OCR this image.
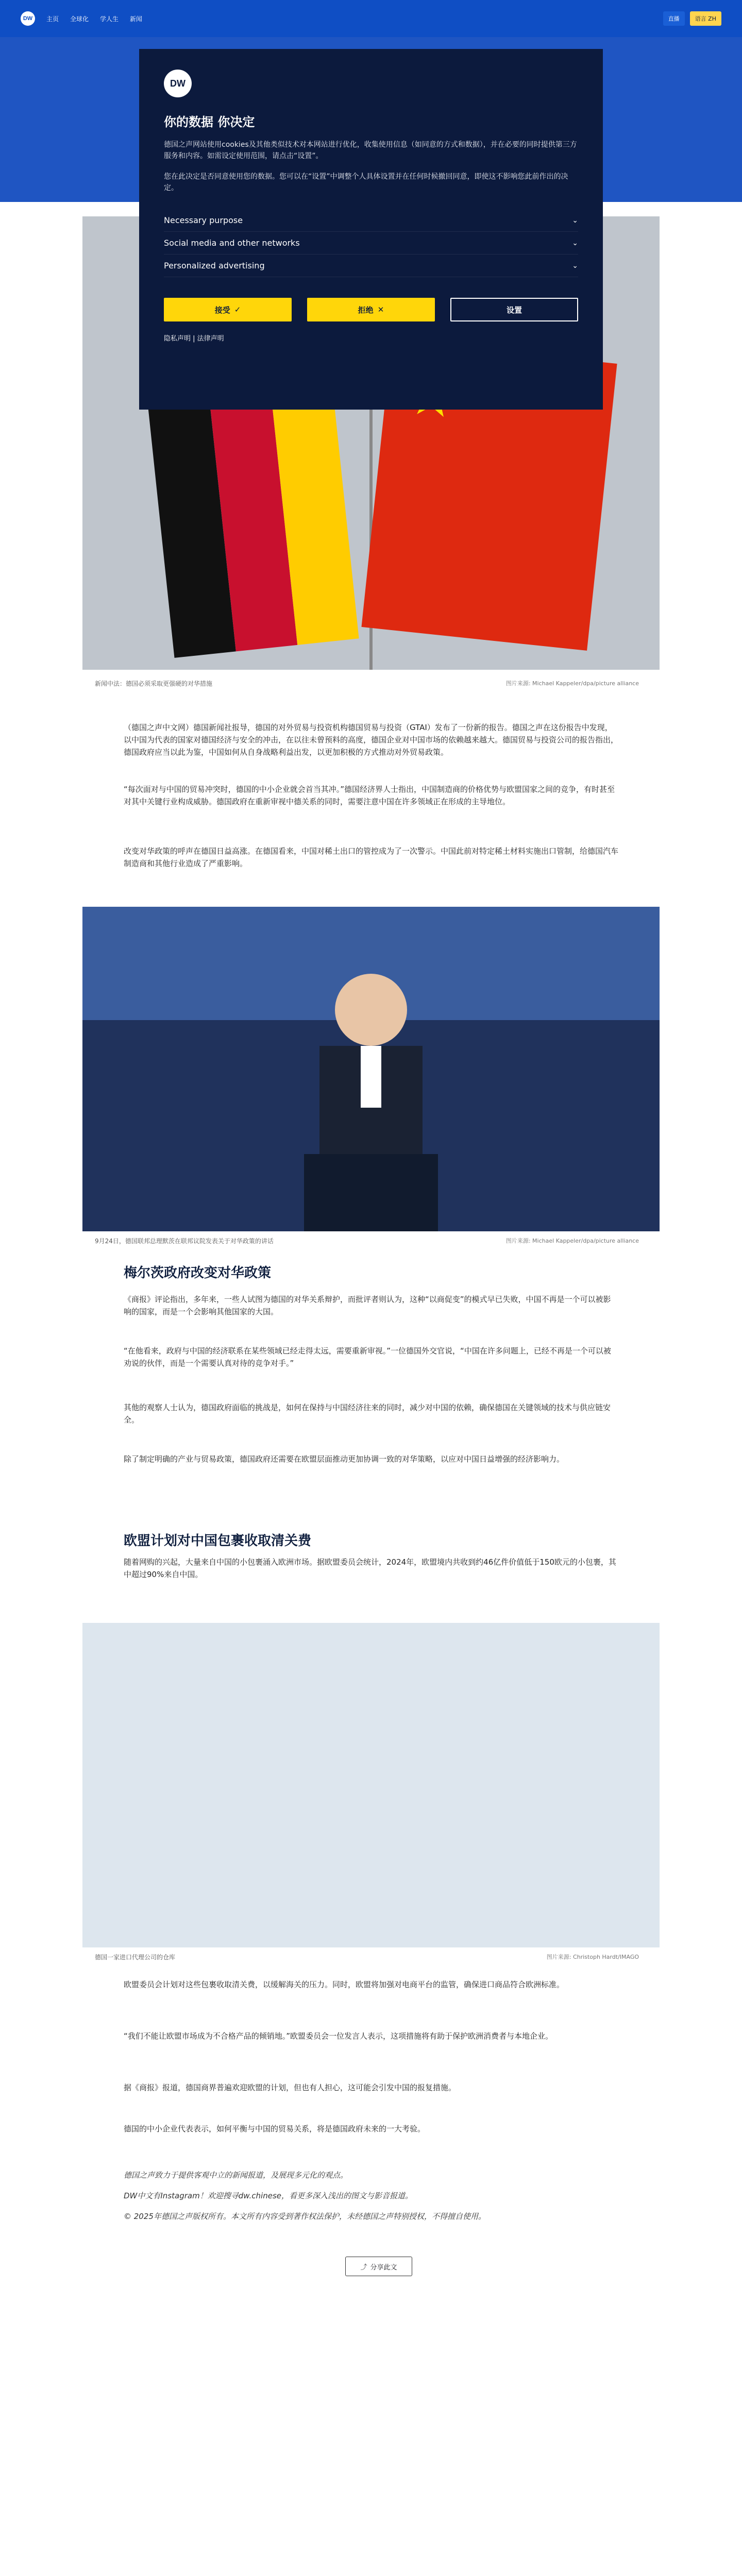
DW	主页 全球化 学人生 新闻	直播	语言 ZH
新闻中法：德国必须采取更强硬的对华措施	图片来源: Michael Kappeler/dpa/picture alliance
（德国之声中文网）德国新闻社报导，德国的对外贸易与投资机构德国贸易与投资（GTAI）发布了一份新的报告。德国之声在这份报告中发现，以中国为代表的国家对德国经济与安全的冲击，在以往未曾预料的高度，德国企业对中国市场的依赖越来越大。德国贸易与投资公司的报告指出，德国政府应当以此为鉴，中国如何从自身战略利益出发，以更加积极的方式推动对外贸易政策。
“每次面对与中国的贸易冲突时，德国的中小企业就会首当其冲。”德国经济界人士指出，中国制造商的价格优势与欧盟国家之间的竞争，有时甚至对其中关键行业构成威胁。德国政府在重新审视中德关系的同时，需要注意中国在许多领域正在形成的主导地位。
改变对华政策的呼声在德国日益高涨。在德国看来，中国对稀土出口的管控成为了一次警示。中国此前对特定稀土材料实施出口管制，给德国汽车制造商和其他行业造成了严重影响。
9月24日，德国联邦总理默茨在联邦议院发表关于对华政策的讲话	图片来源: Michael Kappeler/dpa/picture alliance
梅尔茨政府改变对华政策
《商报》评论指出，多年来，一些人试图为德国的对华关系辩护，而批评者则认为，这种“以商促变”的模式早已失败，中国不再是一个可以被影响的国家，而是一个会影响其他国家的大国。
“在他看来，政府与中国的经济联系在某些领域已经走得太远，需要重新审视。”一位德国外交官说，“中国在许多问题上，已经不再是一个可以被劝说的伙伴，而是一个需要认真对待的竞争对手。”
其他的观察人士认为，德国政府面临的挑战是，如何在保持与中国经济往来的同时，减少对中国的依赖，确保德国在关键领域的技术与供应链安全。
除了制定明确的产业与贸易政策，德国政府还需要在欧盟层面推动更加协调一致的对华策略，以应对中国日益增强的经济影响力。
欧盟计划对中国包裹收取清关费
随着网购的兴起，大量来自中国的小包裹涌入欧洲市场。据欧盟委员会统计，2024年，欧盟境内共收到约46亿件价值低于150欧元的小包裹，其中超过90%来自中国。
德国一家进口代理公司的仓库	图片来源: Christoph Hardt/IMAGO
欧盟委员会计划对这些包裹收取清关费，以缓解海关的压力。同时，欧盟将加强对电商平台的监管，确保进口商品符合欧洲标准。
“我们不能让欧盟市场成为不合格产品的倾销地。”欧盟委员会一位发言人表示，这项措施将有助于保护欧洲消费者与本地企业。
据《商报》报道，德国商界普遍欢迎欧盟的计划，但也有人担心，这可能会引发中国的报复措施。
德国的中小企业代表表示，如何平衡与中国的贸易关系，将是德国政府未来的一大考验。
德国之声致力于提供客观中立的新闻报道，及展现多元化的观点。
DW中文有Instagram！欢迎搜寻dw.chinese，看更多深入浅出的图文与影音报道。
© 2025年德国之声版权所有。本文所有内容受到著作权法保护，未经德国之声特别授权，不得擅自使用。
⤴ 分享此文
DW
你的数据 你决定
德国之声网站使用cookies及其他类似技术对本网站进行优化，收集使用信息（如同意的方式和数据），并在必要的同时提供第三方服务和内容。如需设定使用范围，请点击“设置”。
您在此决定是否同意使用您的数据。您可以在“设置”中调整个人具体设置并在任何时候撤回同意，即使这不影响您此前作出的决定。
Necessary purpose	⌄
Social media and other networks	⌄
Personalized advertising	⌄
接受 ✓	拒绝 ✕	设置
隐私声明 | 法律声明
